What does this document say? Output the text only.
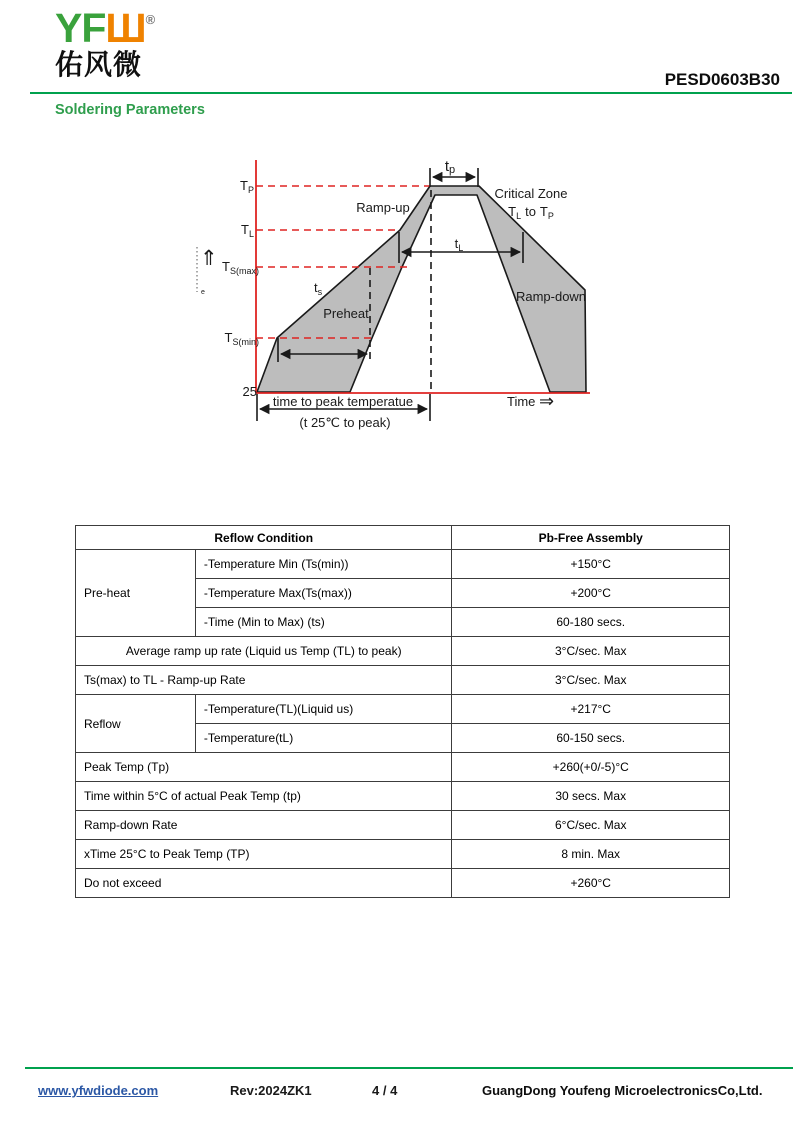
YFШ®
佑风微	PESD0603B30
Soldering Parameters
⇑
e
$T_P$
$T_L$
$T_{S(max)}$
$T_{S(min)}$
25
tp
Ramp-up
Critical Zone
$T_L$ to $T_P$
$t_L$
$t_s$
Preheat
Ramp-down
time to peak temperatue
(t 25℃ to peak)
Time ⇒
Reflow Condition		Pb-Free Assembly
Pre-heat	-Temperature Min (Ts(min))	+150°C
	-Temperature Max(Ts(max))	+200°C
	-Time (Min to Max) (ts)	60-180 secs.
Average ramp up rate (Liquid us Temp (TL) to peak)		3°C/sec. Max
Ts(max) to TL - Ramp-up Rate		3°C/sec. Max
Reflow	-Temperature(TL)(Liquid us)	+217°C
	-Temperature(tL)	60-150 secs.
Peak Temp (Tp)		+260(+0/-5)°C
Time within 5°C of actual Peak Temp (tp)		30 secs. Max
Ramp-down Rate		6°C/sec. Max
xTime 25°C to Peak Temp (TP)		8 min. Max
Do not exceed		+260°C
www.yfwdiode.com	Rev:2024ZK1	4 / 4	GuangDong Youfeng MicroelectronicsCo,Ltd.
